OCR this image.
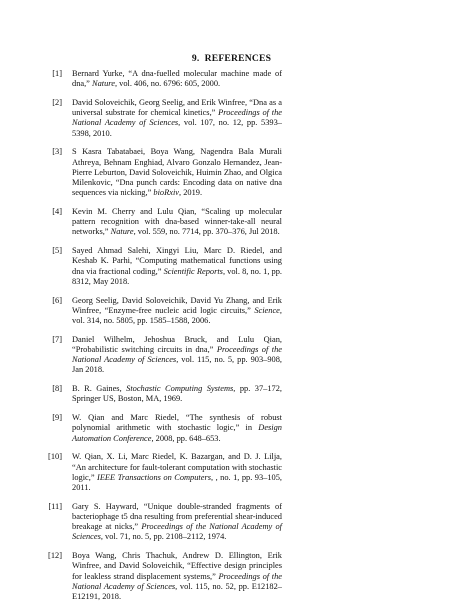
9. REFERENCES
[1]	Bernard Yurke, “A dna-fuelled molecular machine made of dna,” Nature, vol. 406, no. 6796: 605, 2000.
[2]	David Soloveichik, Georg Seelig, and Erik Winfree, “Dna as a universal substrate for chemical kinetics,” Proceedings of the National Academy of Sciences, vol. 107, no. 12, pp. 5393–5398, 2010.
[3]	S Kasra Tabatabaei, Boya Wang, Nagendra Bala Murali Athreya, Behnam Enghiad, Alvaro Gonzalo Hernandez, Jean-Pierre Leburton, David Soloveichik, Huimin Zhao, and Olgica Milenkovic, “Dna punch cards: Encoding data on native dna sequences via nicking,” bioRxiv, 2019.
[4]	Kevin M. Cherry and Lulu Qian, “Scaling up molecular pattern recognition with dna-based winner-take-all neural networks,” Nature, vol. 559, no. 7714, pp. 370–376, Jul 2018.
[5]	Sayed Ahmad Salehi, Xingyi Liu, Marc D. Riedel, and Keshab K. Parhi, “Computing mathematical functions using dna via fractional coding,” Scientific Reports, vol. 8, no. 1, pp. 8312, May 2018.
[6]	Georg Seelig, David Soloveichik, David Yu Zhang, and Erik Winfree, “Enzyme-free nucleic acid logic circuits,” Science, vol. 314, no. 5805, pp. 1585–1588, 2006.
[7]	Daniel Wilhelm, Jehoshua Bruck, and Lulu Qian, “Probabilistic switching circuits in dna,” Proceedings of the National Academy of Sciences, vol. 115, no. 5, pp. 903–908, Jan 2018.
[8]	B. R. Gaines, Stochastic Computing Systems, pp. 37–172, Springer US, Boston, MA, 1969.
[9]	W. Qian and Marc Riedel, “The synthesis of robust polynomial arithmetic with stochastic logic,” in Design Automation Conference, 2008, pp. 648–653.
[10]	W. Qian, X. Li, Marc Riedel, K. Bazargan, and D. J. Lilja, “An architecture for fault-tolerant computation with stochastic logic,” IEEE Transactions on Computers, , no. 1, pp. 93–105, 2011.
[11]	Gary S. Hayward, “Unique double-stranded fragments of bacteriophage t5 dna resulting from preferential shear-induced breakage at nicks,” Proceedings of the National Academy of Sciences, vol. 71, no. 5, pp. 2108–2112, 1974.
[12]	Boya Wang, Chris Thachuk, Andrew D. Ellington, Erik Winfree, and David Soloveichik, “Effective design principles for leakless strand displacement systems,” Proceedings of the National Academy of Sciences, vol. 115, no. 52, pp. E12182–E12191, 2018.
